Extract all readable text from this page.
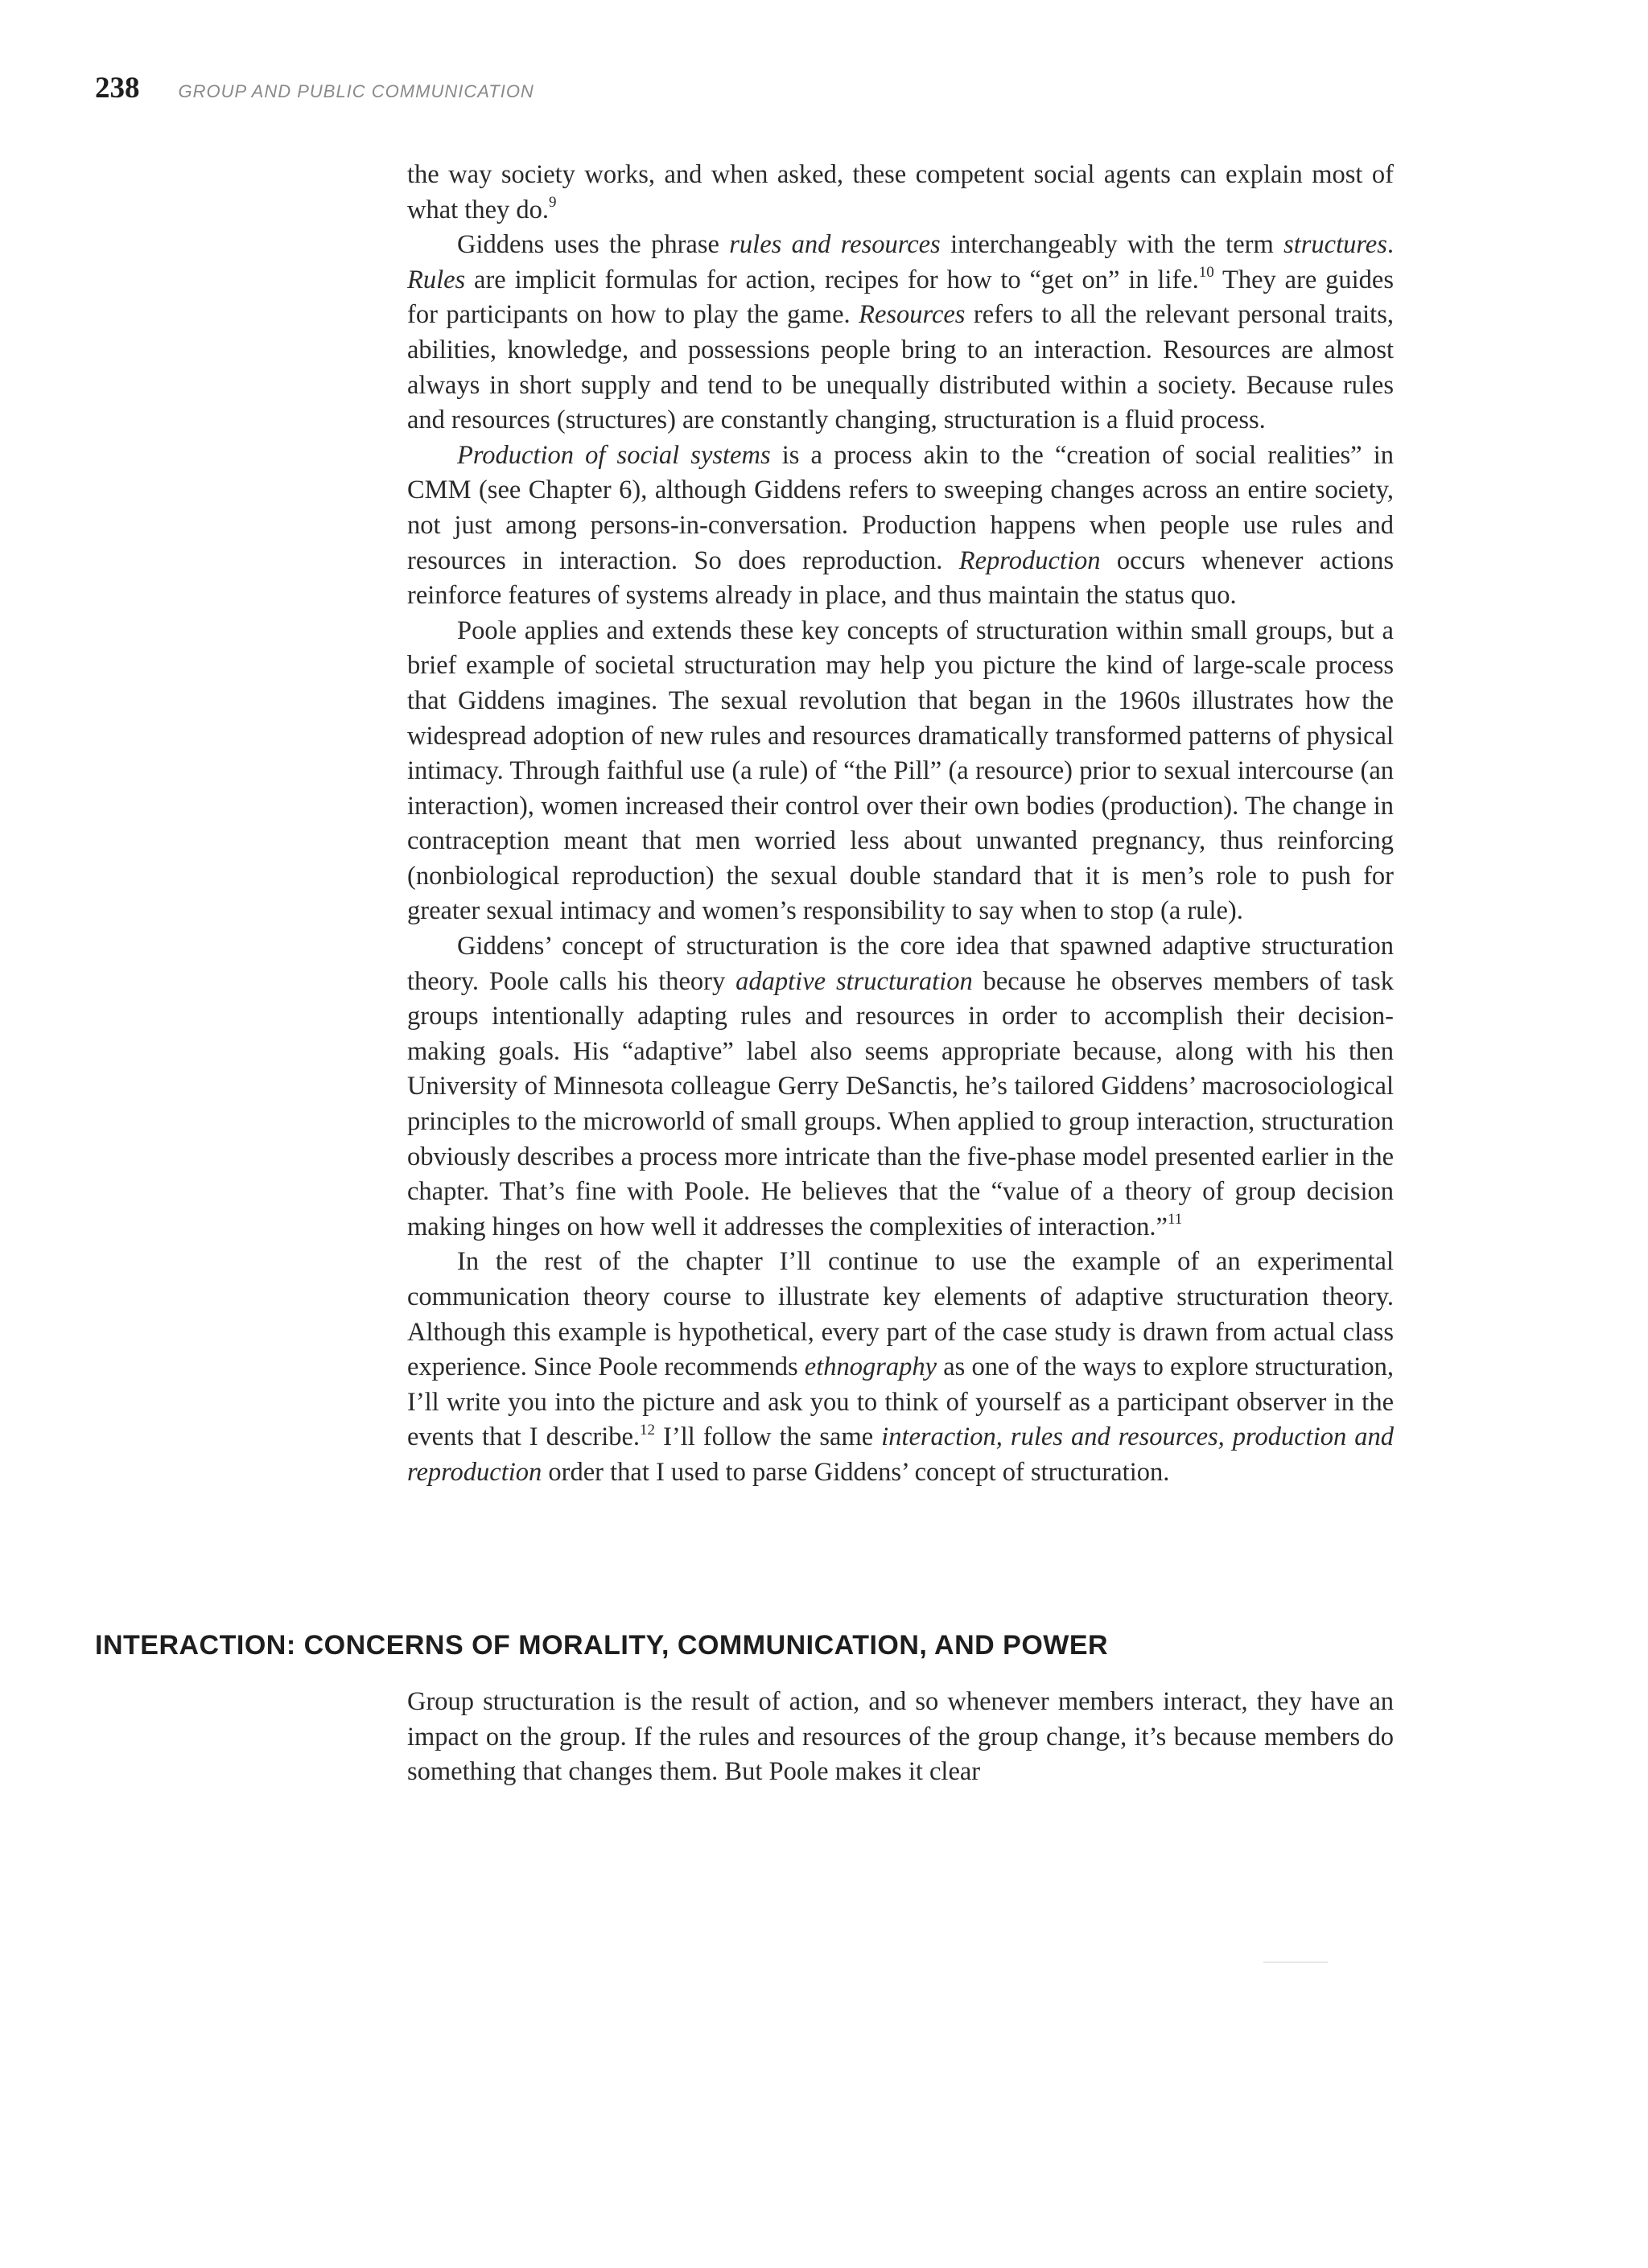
238 GROUP AND PUBLIC COMMUNICATION

the way society works, and when asked, these competent social agents can explain most of what they do.$^9$

Giddens uses the phrase rules and resources interchangeably with the term structures. Rules are implicit formulas for action, recipes for how to “get on” in life.$^{10}$ They are guides for participants on how to play the game. Resources refers to all the relevant personal traits, abilities, knowledge, and possessions people bring to an interaction. Resources are almost always in short supply and tend to be unequally distributed within a society. Because rules and resources (structures) are constantly changing, structuration is a fluid process.

Production of social systems is a process akin to the “creation of social realities” in CMM (see Chapter 6), although Giddens refers to sweeping changes across an entire society, not just among persons-in-conversation. Production happens when people use rules and resources in interaction. So does reproduction. Reproduction occurs whenever actions reinforce features of systems already in place, and thus maintain the status quo.

Poole applies and extends these key concepts of structuration within small groups, but a brief example of societal structuration may help you picture the kind of large-scale process that Giddens imagines. The sexual revolution that began in the 1960s illustrates how the widespread adoption of new rules and resources dramatically transformed patterns of physical intimacy. Through faithful use (a rule) of “the Pill” (a resource) prior to sexual intercourse (an interaction), women increased their control over their own bodies (production). The change in contraception meant that men worried less about unwanted pregnancy, thus reinforcing (nonbiological reproduction) the sexual double standard that it is men’s role to push for greater sexual intimacy and women’s responsibility to say when to stop (a rule).

Giddens’ concept of structuration is the core idea that spawned adaptive structuration theory. Poole calls his theory adaptive structuration because he observes members of task groups intentionally adapting rules and resources in order to accomplish their decision-making goals. His “adaptive” label also seems appropriate because, along with his then University of Minnesota colleague Gerry DeSanctis, he’s tailored Giddens’ macrosociological principles to the microworld of small groups. When applied to group interaction, structuration obviously describes a process more intricate than the five-phase model presented earlier in the chapter. That’s fine with Poole. He believes that the “value of a theory of group decision making hinges on how well it addresses the complexities of interaction.”$^{11}$

In the rest of the chapter I’ll continue to use the example of an experimental communication theory course to illustrate key elements of adaptive structuration theory. Although this example is hypothetical, every part of the case study is drawn from actual class experience. Since Poole recommends ethnography as one of the ways to explore structuration, I’ll write you into the picture and ask you to think of yourself as a participant observer in the events that I describe.$^{12}$ I’ll follow the same interaction, rules and resources, production and reproduction order that I used to parse Giddens’ concept of structuration.

INTERACTION: CONCERNS OF MORALITY, COMMUNICATION, AND POWER

Group structuration is the result of action, and so whenever members interact, they have an impact on the group. If the rules and resources of the group change, it’s because members do something that changes them. But Poole makes it clear
